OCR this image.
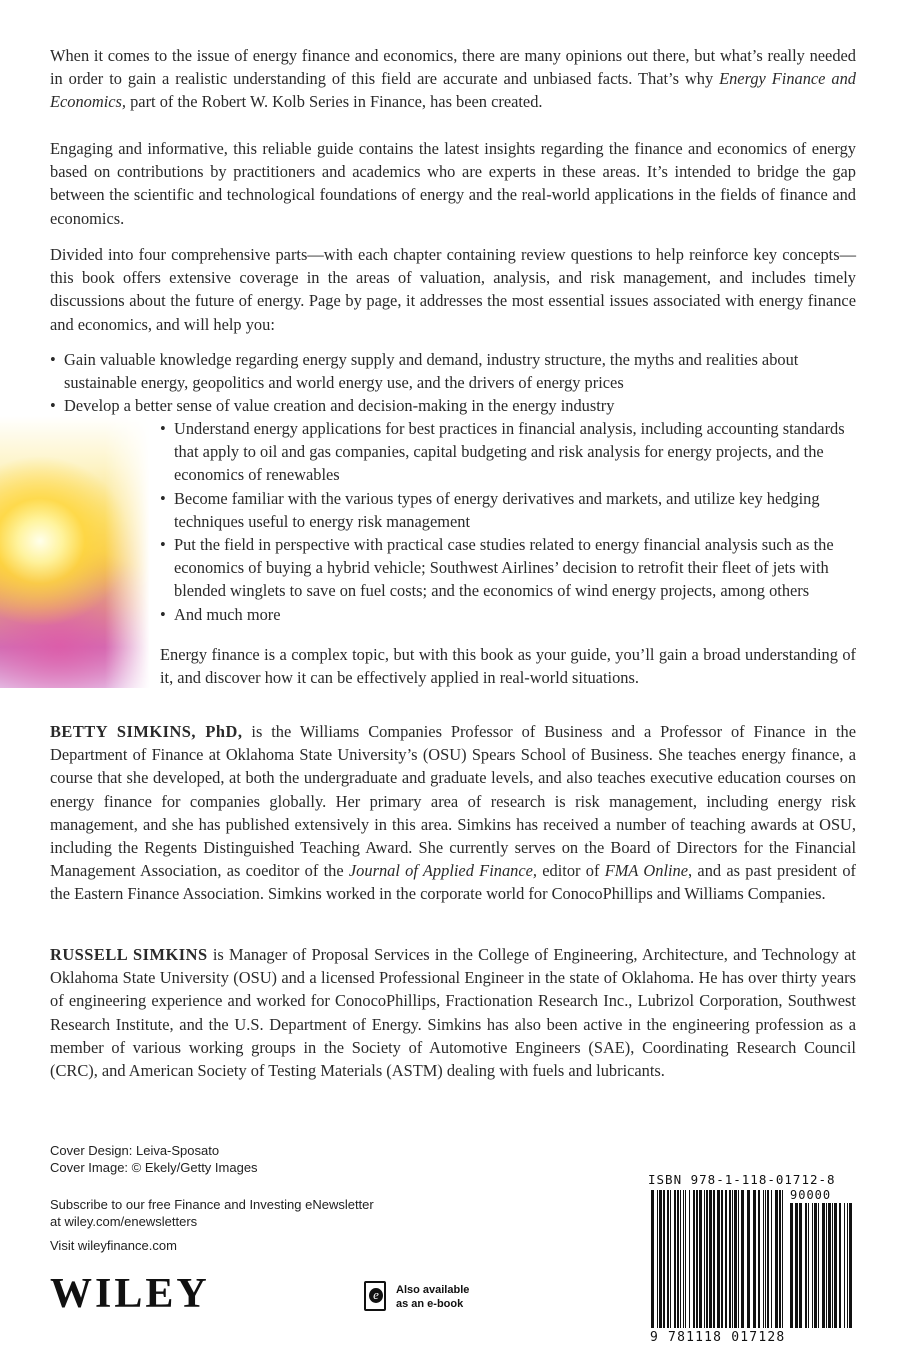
When it comes to the issue of energy finance and economics, there are many opinions out there, but what’s really needed in order to gain a realistic understanding of this field are accurate and unbiased facts. That’s why Energy Finance and Economics, part of the Robert W. Kolb Series in Finance, has been created.

Engaging and informative, this reliable guide contains the latest insights regarding the finance and economics of energy based on contributions by practitioners and academics who are experts in these areas. It’s intended to bridge the gap between the scientific and technological foundations of energy and the real-world applications in the fields of finance and economics.

Divided into four comprehensive parts—with each chapter containing review questions to help reinforce key concepts—this book offers extensive coverage in the areas of valuation, analysis, and risk management, and includes timely discussions about the future of energy. Page by page, it addresses the most essential issues associated with energy finance and economics, and will help you:

• Gain valuable knowledge regarding energy supply and demand, industry structure, the myths and realities about sustainable energy, geopolitics and world energy use, and the drivers of energy prices
• Develop a better sense of value creation and decision-making in the energy industry
• Understand energy applications for best practices in financial analysis, including accounting standards that apply to oil and gas companies, capital budgeting and risk analysis for energy projects, and the economics of renewables
• Become familiar with the various types of energy derivatives and markets, and utilize key hedging techniques useful to energy risk management
• Put the field in perspective with practical case studies related to energy financial analysis such as the economics of buying a hybrid vehicle; Southwest Airlines’ decision to retrofit their fleet of jets with blended winglets to save on fuel costs; and the economics of wind energy projects, among others
• And much more

Energy finance is a complex topic, but with this book as your guide, you’ll gain a broad understanding of it, and discover how it can be effectively applied in real-world situations.

BETTY SIMKINS, PhD, is the Williams Companies Professor of Business and a Professor of Finance in the Department of Finance at Oklahoma State University’s (OSU) Spears School of Business. She teaches energy finance, a course that she developed, at both the undergraduate and graduate levels, and also teaches executive education courses on energy finance for companies globally. Her primary area of research is risk management, including energy risk management, and she has published extensively in this area. Simkins has received a number of teaching awards at OSU, including the Regents Distinguished Teaching Award. She currently serves on the Board of Directors for the Financial Management Association, as coeditor of the Journal of Applied Finance, editor of FMA Online, and as past president of the Eastern Finance Association. Simkins worked in the corporate world for ConocoPhillips and Williams Companies.

RUSSELL SIMKINS is Manager of Proposal Services in the College of Engineering, Architecture, and Technology at Oklahoma State University (OSU) and a licensed Professional Engineer in the state of Oklahoma. He has over thirty years of engineering experience and worked for ConocoPhillips, Fractionation Research Inc., Lubrizol Corporation, Southwest Research Institute, and the U.S. Department of Energy. Simkins has also been active in the engineering profession as a member of various working groups in the Society of Automotive Engineers (SAE), Coordinating Research Council (CRC), and American Society of Testing Materials (ASTM) dealing with fuels and lubricants.

Cover Design: Leiva-Sposato

Cover Image: © Ekely/Getty Images

Subscribe to our free Finance and Investing eNewsletter

at wiley.com/enewsletters

Visit wileyfinance.com

WILEY	e	Also available
as an e-book

ISBN 978-1-118-01712-8

90000

9 781118 017128
